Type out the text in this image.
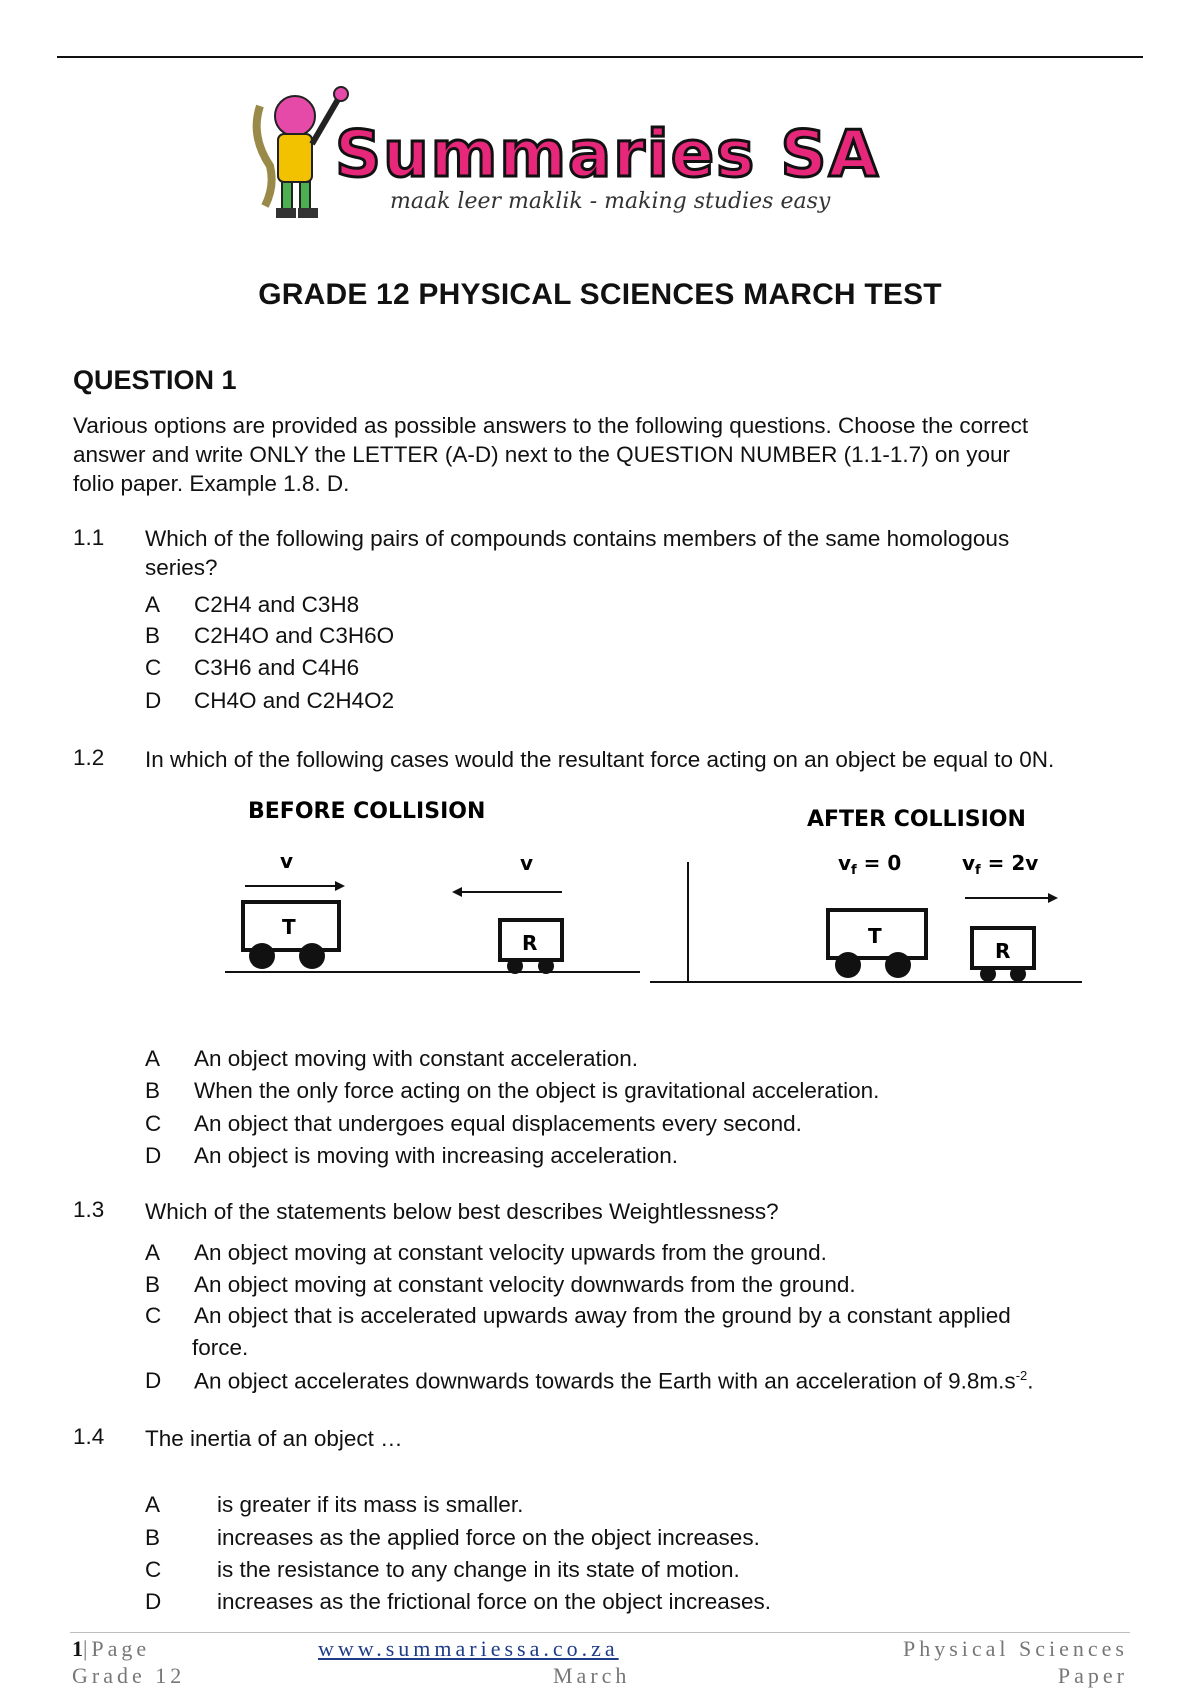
Summaries SA
maak leer maklik - making studies easy
GRADE 12 PHYSICAL SCIENCES MARCH TEST
QUESTION 1
Various options are provided as possible answers to the following questions. Choose the correct
answer and write ONLY the LETTER (A-D) next to the QUESTION NUMBER (1.1-1.7) on your
folio paper. Example 1.8. D.
1.1 Which of the following pairs of compounds contains members of the same homologous
series?
A C2H4 and C3H8
B C2H4O and C3H6O
C C3H6 and C4H6
D CH4O and C2H4O2
1.2 In which of the following cases would the resultant force acting on an object be equal to 0N.
BEFORE COLLISION	AFTER COLLISION
v	v
T
R
$v_f = 0$	$v_f = 2v$
T
R
A An object moving with constant acceleration.
B When the only force acting on the object is gravitational acceleration.
C An object that undergoes equal displacements every second.
D An object is moving with increasing acceleration.
1.3 Which of the statements below best describes Weightlessness?
A An object moving at constant velocity upwards from the ground.
B An object moving at constant velocity downwards from the ground.
C An object that is accelerated upwards away from the ground by a constant applied
force.
D An object accelerates downwards towards the Earth with an acceleration of $9.8m.s^{-2}$.
1.4 The inertia of an object …
A	is greater if its mass is smaller.
B	increases as the applied force on the object increases.
C is the resistance to any change in its state of motion.
D increases as the frictional force on the object increases.
1|Page
Grade 12
www.summariessa.co.za
March
Physical Sciences
Paper
